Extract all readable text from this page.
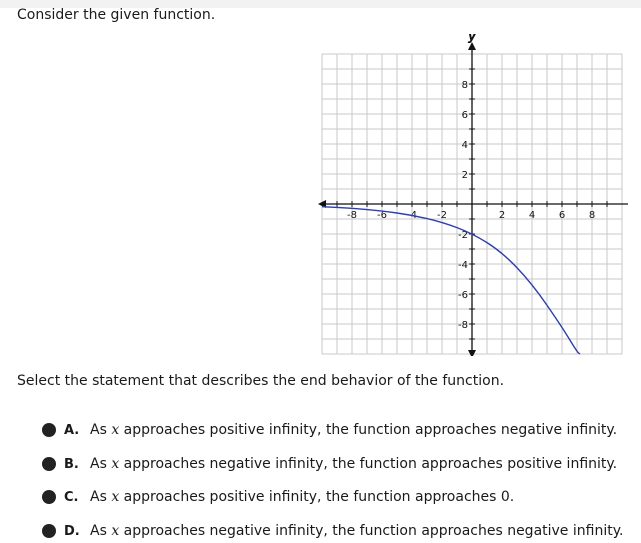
Consider the given function.
-8 -6 -4 -2	2 4 6 8
8
6
4
2
-2
-4
-6
-8
y
Select the statement that describes the end behavior of the function.
A. As x approaches positive infinity, the function approaches negative infinity.
B. As x approaches negative infinity, the function approaches positive infinity.
C. As x approaches positive infinity, the function approaches 0.
D. As x approaches negative infinity, the function approaches negative infinity.
